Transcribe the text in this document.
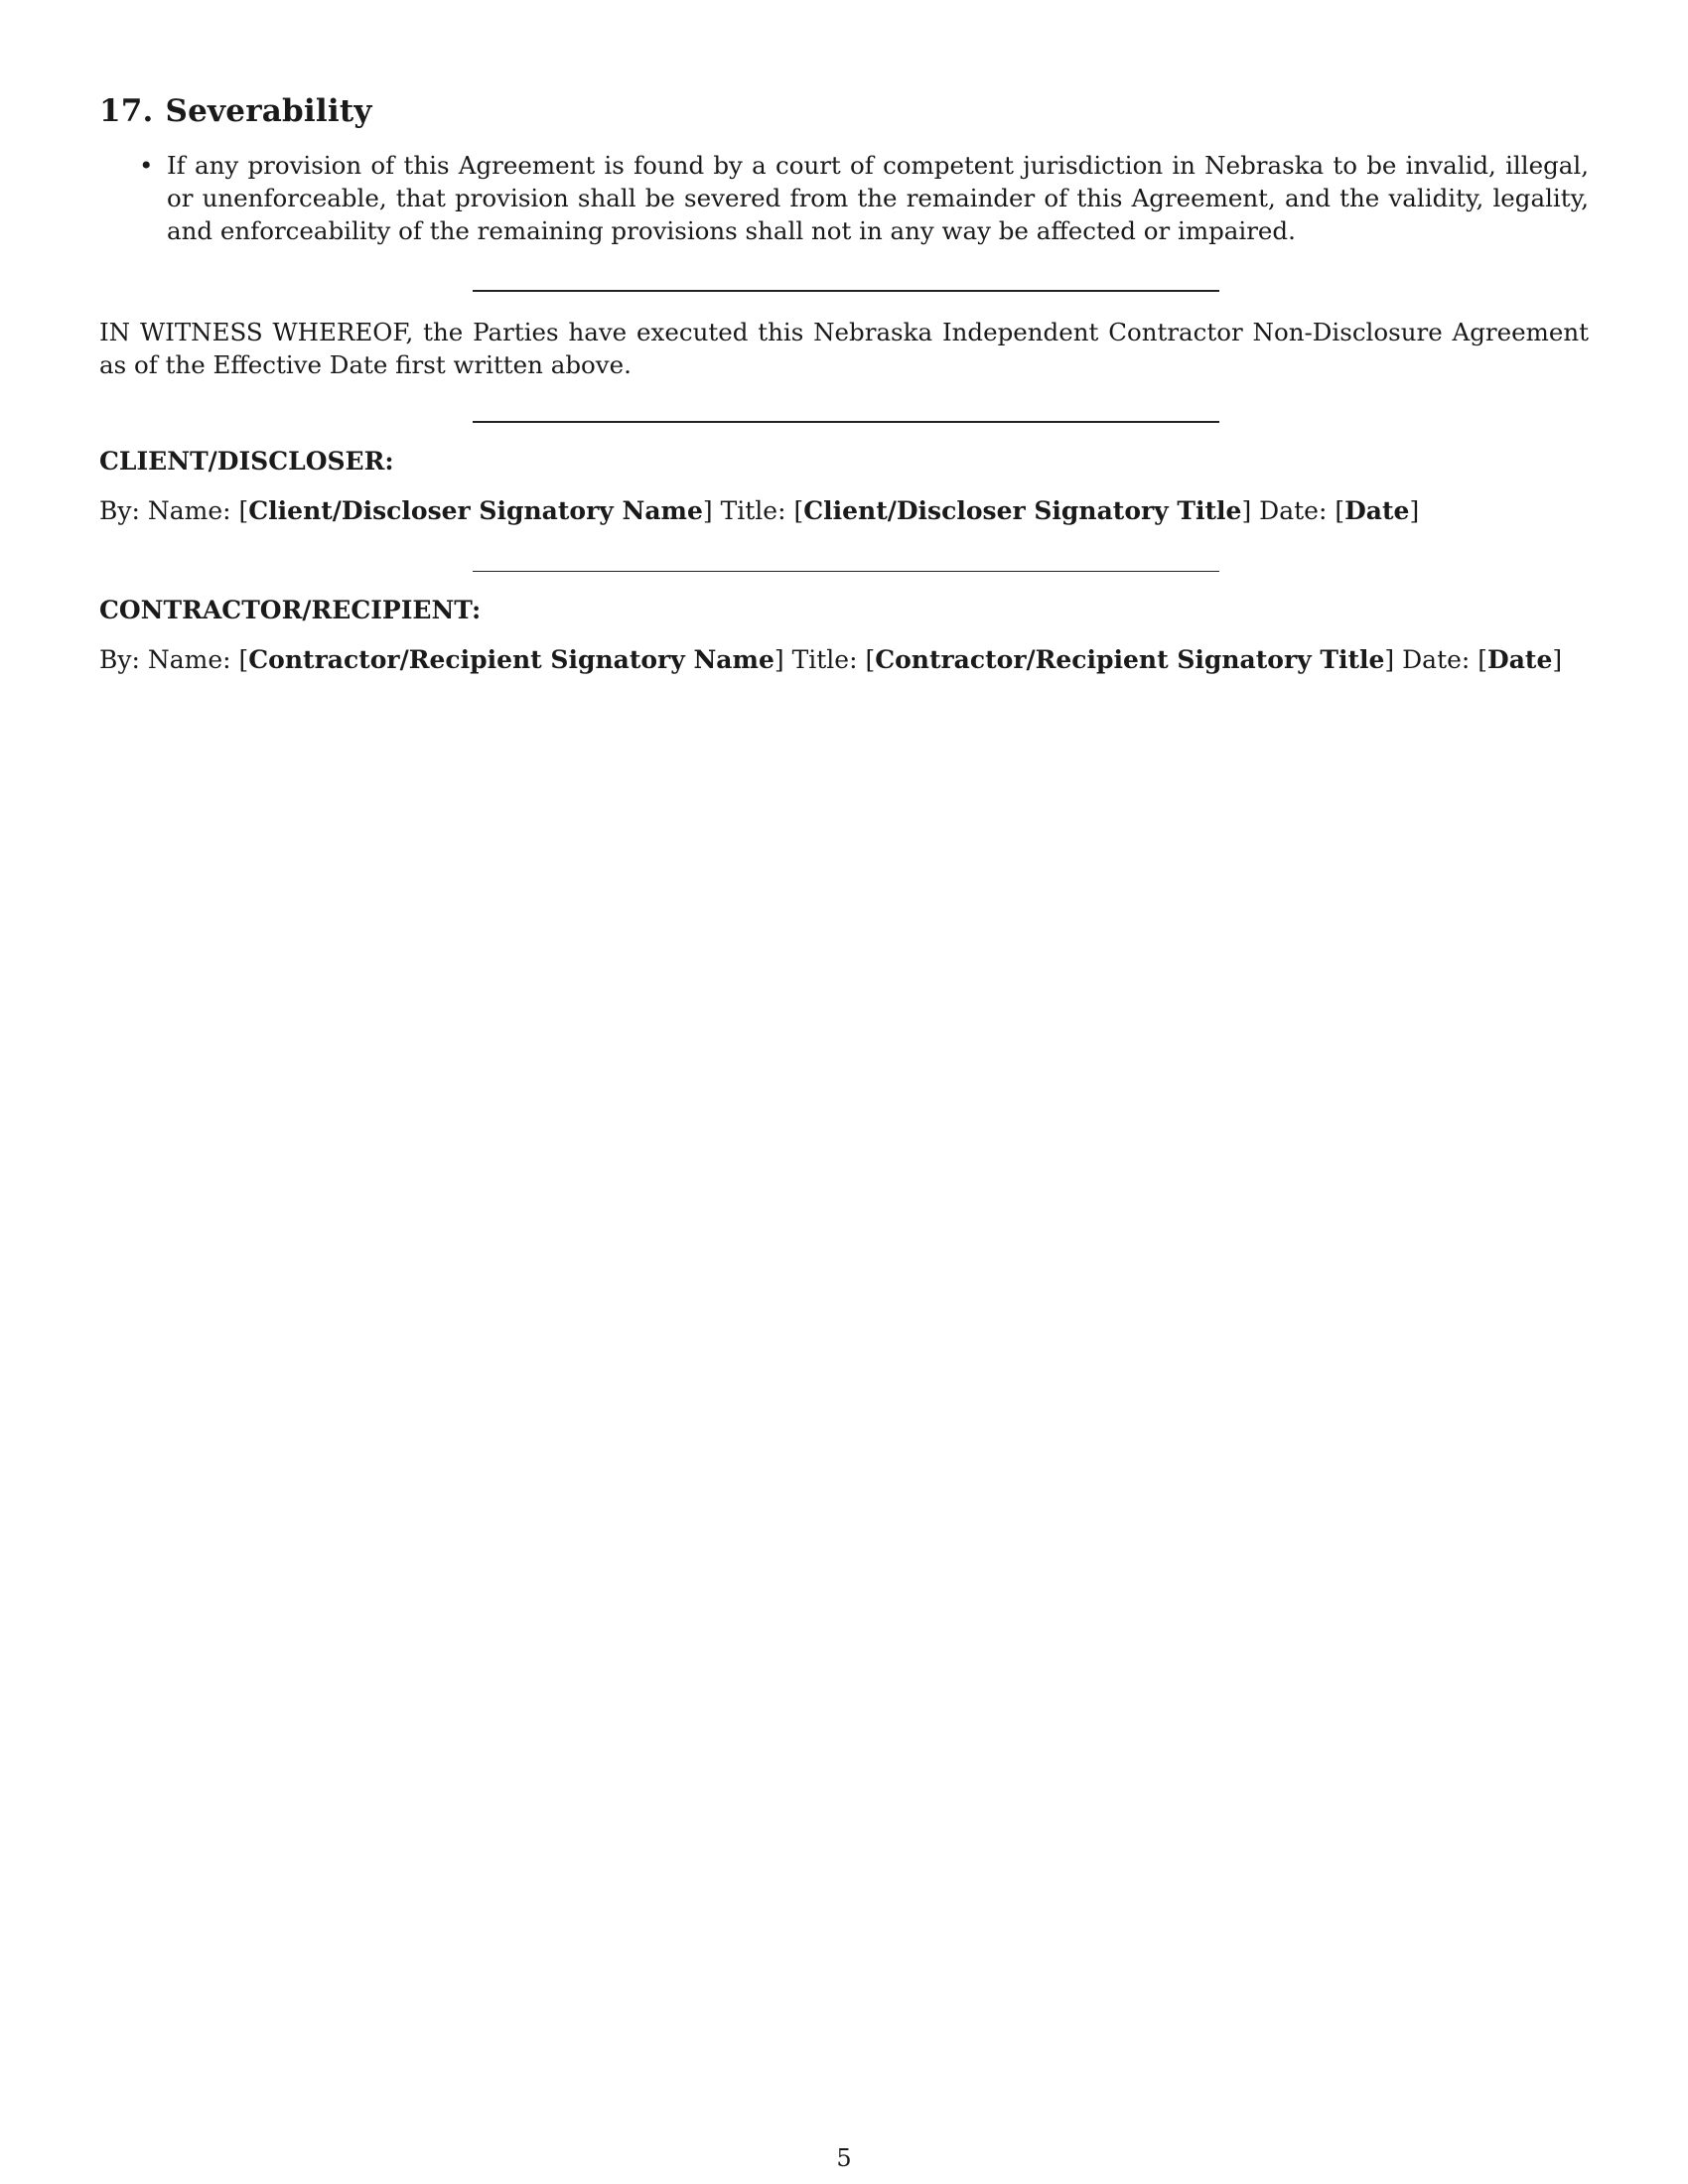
17. Severability
• If any provision of this Agreement is found by a court of competent jurisdiction in Nebraska to be invalid, illegal, or unenforceable, that provision shall be severed from the remainder of this Agreement, and the validity, legality, and enforceability of the remaining provisions shall not in any way be affected or impaired.

IN WITNESS WHEREOF, the Parties have executed this Nebraska Independent Contractor Non-Disclosure Agreement as of the Effective Date first written above.

CLIENT/DISCLOSER:

By: Name: [Client/Discloser Signatory Name] Title: [Client/Discloser Signatory Title] Date: [Date]

CONTRACTOR/RECIPIENT:

By: Name: [Contractor/Recipient Signatory Name] Title: [Contractor/Recipient Signatory Title] Date: [Date]

5
